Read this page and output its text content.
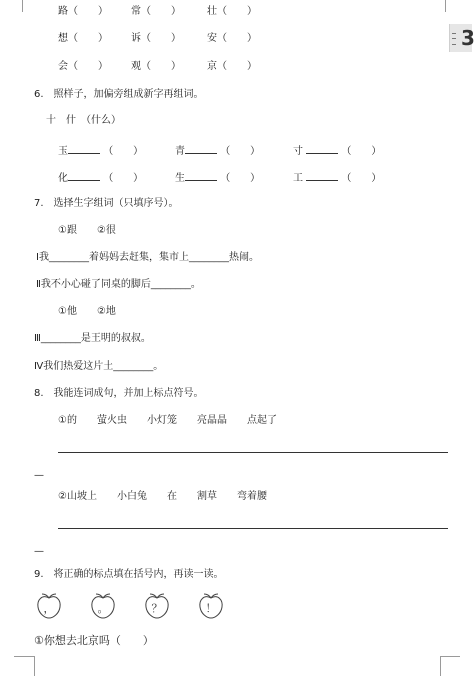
3
路（　　） 常（　　）	壮（　　）
想（　　） 诉（　　）	安（　　）
会（　　） 观（　　）	京（　　）
6.　照样子，加偏旁组成新字再组词。
十　什　（什么）
玉	（　　）	青	（　　）	寸	（　　）
化	（　　）	生	（　　）	工	（　　）
7.　选择生字组词（只填序号）。
①跟　　②很
Ⅰ我________着妈妈去赶集，集市上________热闹。
Ⅱ我不小心碰了同桌的脚后________。
①他　　②地
Ⅲ________是王明的叔叔。
Ⅳ我们热爱这片土________。
8.　我能连词成句，并加上标点符号。
①的　　萤火虫　　小灯笼　　亮晶晶　　点起了
—
②山坡上　　小白兔　　在　　割草　　弯着腰
—
9.　将正确的标点填在括号内，再读一读。
，	。	？	！
①你想去北京吗（　　）
